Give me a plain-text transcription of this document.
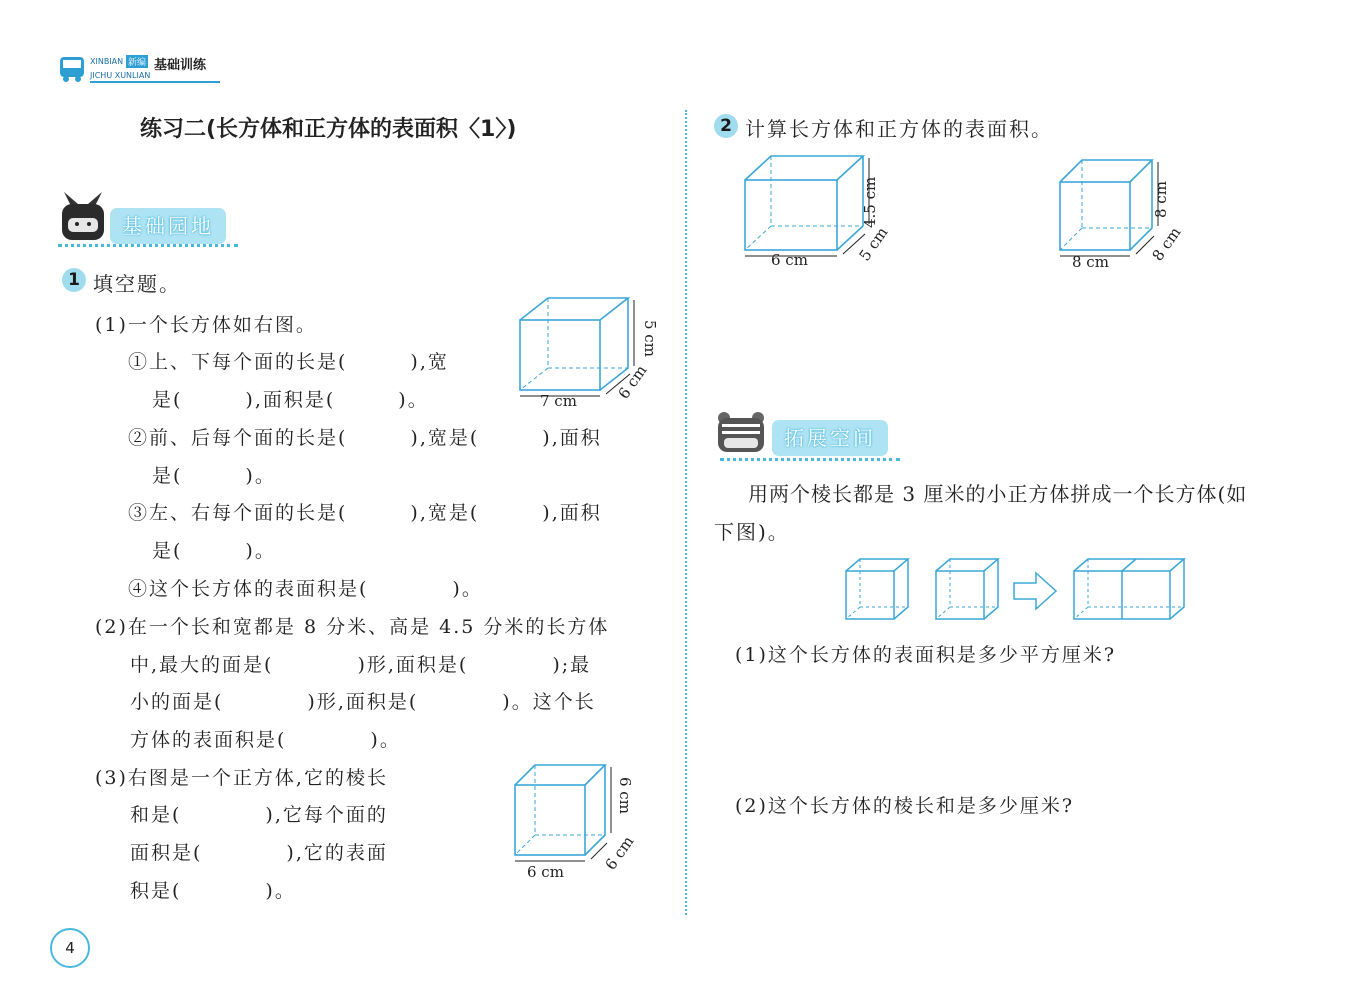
XINBIAN 新编 基础训练
JICHU XUNLIAN
练习二(长方体和正方体的表面积〈1〉)
基础园地
1 填空题。
(1)一个长方体如右图。
①上、下每个面的长是(　　　),宽
是(　　　),面积是(　　　)。
②前、后每个面的长是(　　　),宽是(　　　),面积
是(　　　)。
③左、右每个面的长是(　　　),宽是(　　　),面积
是(　　　)。
④这个长方体的表面积是(　　　　)。
(2)在一个长和宽都是 8 分米、高是 4.5 分米的长方体
中,最大的面是(　　　　)形,面积是(　　　　);最
小的面是(　　　　)形,面积是(　　　　)。这个长
方体的表面积是(　　　　)。
(3)右图是一个正方体,它的棱长
和是(　　　　),它每个面的
面积是(　　　　),它的表面
积是(　　　　)。
7 cm
5 cm
6 cm
6 cm
6 cm
6 cm
2 计算长方体和正方体的表面积。
6 cm
4.5 cm
5 cm	8 cm
8 cm
8 cm
拓展空间
用两个棱长都是 3 厘米的小正方体拼成一个长方体(如
下图)。
(1)这个长方体的表面积是多少平方厘米?
(2)这个长方体的棱长和是多少厘米?
4
